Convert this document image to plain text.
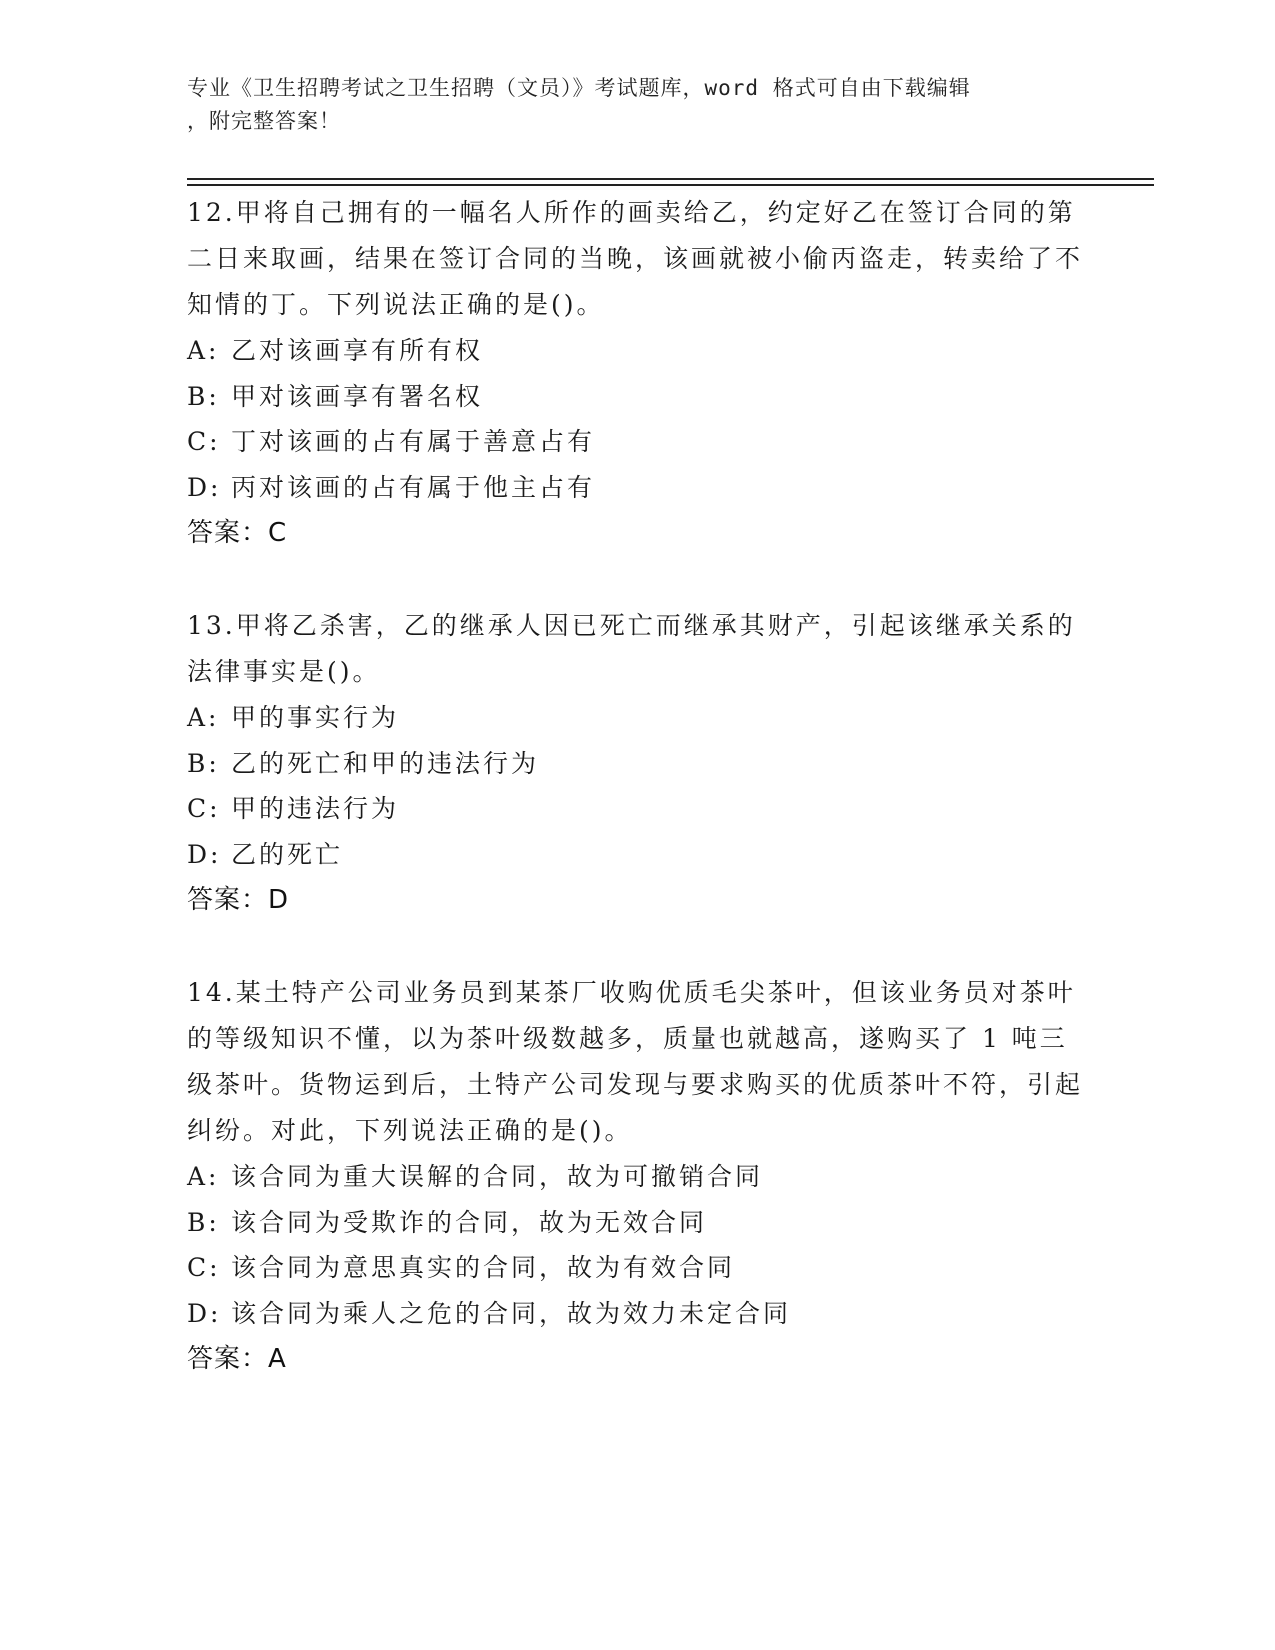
专业《卫生招聘考试之卫生招聘（文员）》考试题库，word 格式可自由下载编辑
，附完整答案！

12.甲将自己拥有的一幅名人所作的画卖给乙，约定好乙在签订合同的第二日来取画，结果在签订合同的当晚，该画就被小偷丙盗走，转卖给了不知情的丁。下列说法正确的是()。

A: 乙对该画享有所有权

B: 甲对该画享有署名权

C: 丁对该画的占有属于善意占有

D: 丙对该画的占有属于他主占有

答案：C

13.甲将乙杀害，乙的继承人因已死亡而继承其财产，引起该继承关系的法律事实是()。

A: 甲的事实行为

B: 乙的死亡和甲的违法行为

C: 甲的违法行为

D: 乙的死亡

答案：D

14.某土特产公司业务员到某茶厂收购优质毛尖茶叶，但该业务员对茶叶的等级知识不懂，以为茶叶级数越多，质量也就越高，遂购买了 1 吨三级茶叶。货物运到后，土特产公司发现与要求购买的优质茶叶不符，引起纠纷。对此，下列说法正确的是()。

A: 该合同为重大误解的合同，故为可撤销合同

B: 该合同为受欺诈的合同，故为无效合同

C: 该合同为意思真实的合同，故为有效合同

D: 该合同为乘人之危的合同，故为效力未定合同

答案：A
